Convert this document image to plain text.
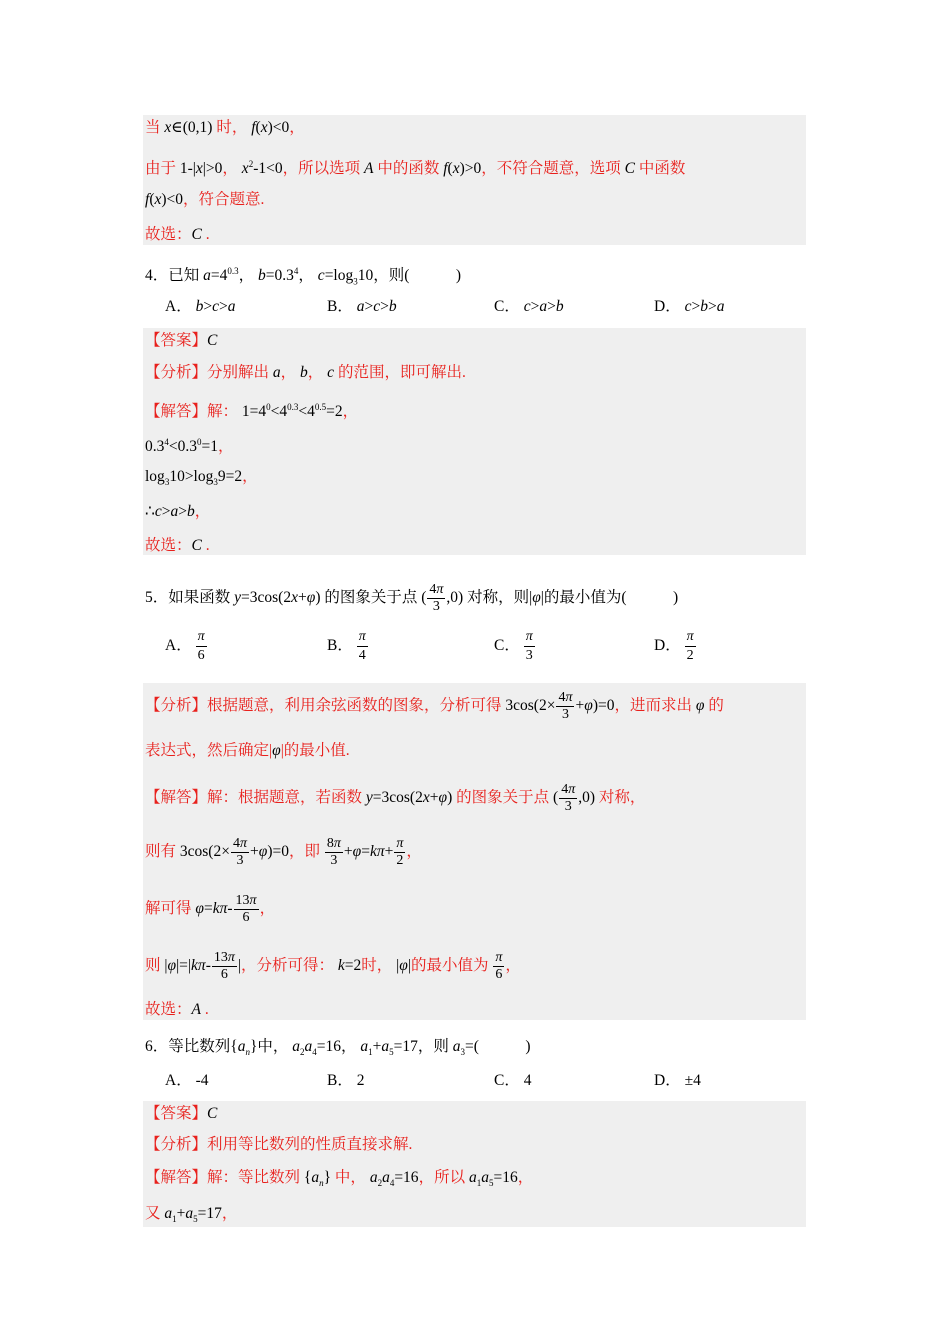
当 x∈(0,1) 时， f(x)<0，
由于 1-|x|>0， $x^2-1<0$，所以选项 A 中的函数 f(x)>0，不符合题意，选项 C 中函数
f(x)<0，符合题意.
故选：C .
4．已知 $a=4^{0.3}$， $b=0.3^4$， $c=\log_310$，则(　　　)
A． b>c>a	B． a>c>b	C． c>a>b	D． c>b>a
【答案】C
【分析】分别解出 a， b， c 的范围，即可解出.
【解答】解： $1=4^0<4^{0.3}<4^{0.5}=2$，
$0.3^4<0.3^0=1$，
$\log_310>\log_39=2$，
∴c>a>b，
故选：C .
5．如果函数 y=3cos(2x+φ) 的图象关于点 ( $\frac{4\pi}{3} ,0$) 对称，则|φ|的最小值为(　　　)
A． $\frac{\pi}{6}$	B． $\frac{\pi}{4}$	C． $\frac{\pi}{3}$	D． $\frac{\pi}{2}$
【分析】根据题意，利用余弦函数的图象，分析可得 $3\cos(2\times \frac{4\pi}{3} +\varphi)=0$，进而求出 φ 的
表达式，然后确定|φ|的最小值.
【解答】解：根据题意，若函数 y=3cos(2x+φ) 的图象关于点 ( $\frac{4\pi}{3} ,0$) 对称，
则有 $3\cos(2\times \frac{4\pi}{3} +\varphi)=0$，即 $\frac{8\pi}{3} +\varphi=k\pi+ \frac{\pi}{2}$ ，
解可得 $\varphi=k\pi- \frac{13\pi}{6}$ ，
则 $|\varphi|=|k\pi- \frac{13\pi}{6}$ |，分析可得： k=2时， |φ|的最小值为 $\frac{\pi}{6}$ ，
故选：A .
6．等比数列$\{a_n\}$中， $a_2a_4=16$， $a_1+a_5=17$，则 $a_3=$(　　　)
A． -4	B． 2	C． 4	D． ±4
【答案】C
【分析】利用等比数列的性质直接求解.
【解答】解：等比数列 $\{a_n\}$ 中， $a_2a_4=16$，所以 $a_1a_5=16$，
又 $a_1+a_5=17$，
